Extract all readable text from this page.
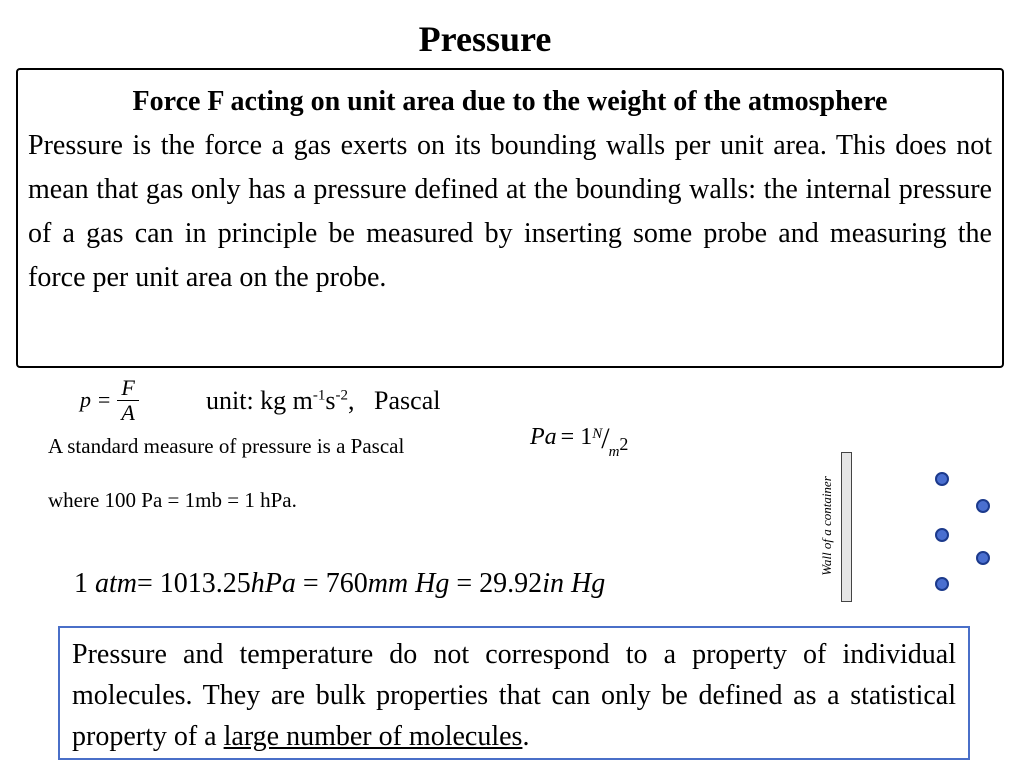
Pressure
Force F acting on unit area due to the weight of the atmosphere
Pressure is the force a gas exerts on its bounding walls per unit area. This does not mean that gas only has a pressure defined at the bounding walls: the internal pressure of a gas can in principle be measured by inserting some probe and measuring the force per unit area on the probe.
$p = \frac{F}{A}$	unit: kg $m^{-1}s^{-2}$, Pascal
A standard measure of pressure is a Pascal
where 100 Pa = 1mb = 1 hPa.
Pa = 1 N / m 2
1 atm= 1013.25hPa = 760mm Hg = 29.92in Hg
Wall of a container
Pressure and temperature do not correspond to a property of individual molecules. They are bulk properties that can only be defined as a statistical property of a large number of molecules.
